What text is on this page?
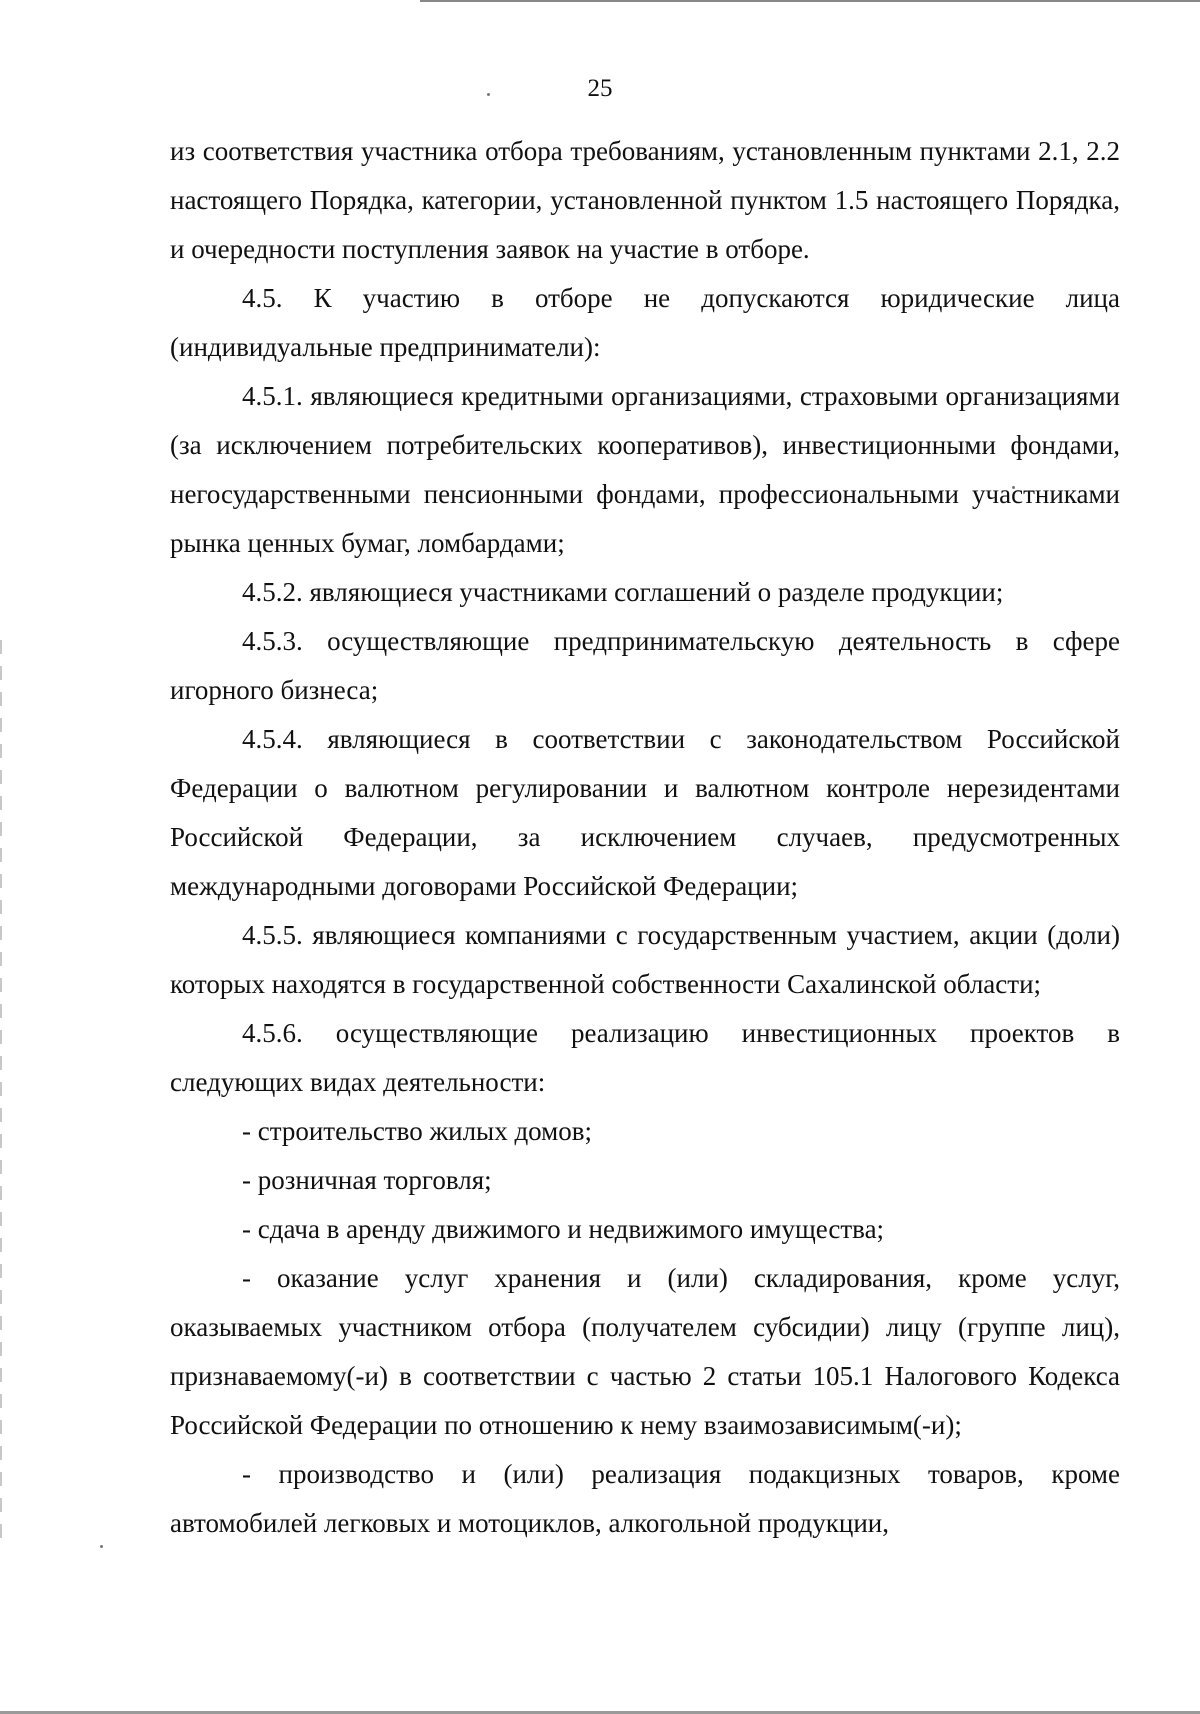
25

из соответствия участника отбора требованиям, установленным пунктами 2.1, 2.2 настоящего Порядка, категории, установленной пунктом 1.5 настоящего Порядка, и очередности поступления заявок на участие в отборе.

4.5. К участию в отборе не допускаются юридические лица (индивидуальные предприниматели):

4.5.1. являющиеся кредитными организациями, страховыми организациями (за исключением потребительских кооперативов), инвестиционными фондами, негосударственными пенсионными фондами, профессиональными участниками рынка ценных бумаг, ломбардами;

4.5.2. являющиеся участниками соглашений о разделе продукции;

4.5.3. осуществляющие предпринимательскую деятельность в сфере игорного бизнеса;

4.5.4. являющиеся в соответствии с законодательством Российской Федерации о валютном регулировании и валютном контроле нерезидентами Российской Федерации, за исключением случаев, предусмотренных международными договорами Российской Федерации;

4.5.5. являющиеся компаниями с государственным участием, акции (доли) которых находятся в государственной собственности Сахалинской области;

4.5.6. осуществляющие реализацию инвестиционных проектов в следующих видах деятельности:

- строительство жилых домов;

- розничная торговля;

- сдача в аренду движимого и недвижимого имущества;

- оказание услуг хранения и (или) складирования, кроме услуг, оказываемых участником отбора (получателем субсидии) лицу (группе лиц), признаваемому(-и) в соответствии с частью 2 статьи 105.1 Налогового Кодекса Российской Федерации по отношению к нему взаимозависимым(-и);

- производство и (или) реализация подакцизных товаров, кроме автомобилей легковых и мотоциклов, алкогольной продукции,
